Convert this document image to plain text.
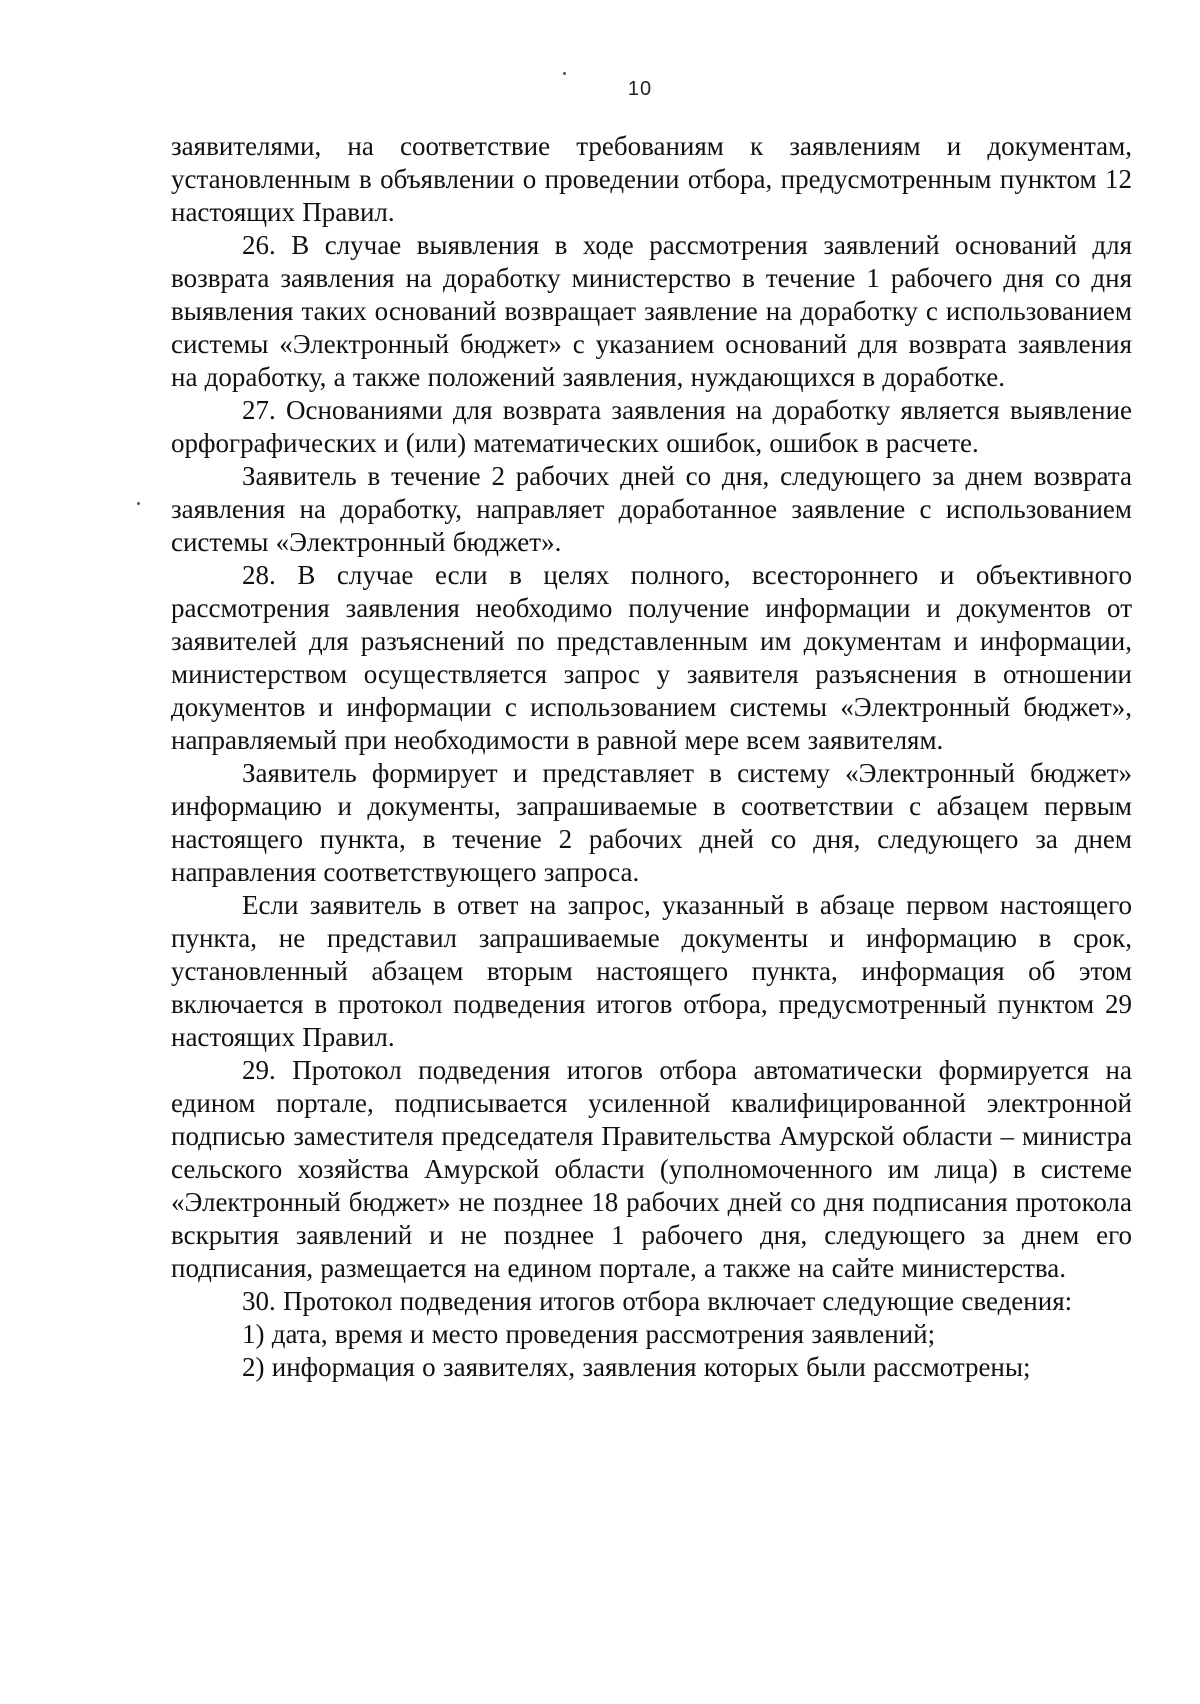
10

заявителями, на соответствие требованиям к заявлениям и документам, установленным в объявлении о проведении отбора, предусмотренным пунктом 12 настоящих Правил.

26. В случае выявления в ходе рассмотрения заявлений оснований для возврата заявления на доработку министерство в течение 1 рабочего дня со дня выявления таких оснований возвращает заявление на доработку с использованием системы «Электронный бюджет» с указанием оснований для возврата заявления на доработку, а также положений заявления, нуждающихся в доработке.

27. Основаниями для возврата заявления на доработку является выявление орфографических и (или) математических ошибок, ошибок в расчете.

Заявитель в течение 2 рабочих дней со дня, следующего за днем возврата заявления на доработку, направляет доработанное заявление с использованием системы «Электронный бюджет».

28. В случае если в целях полного, всестороннего и объективного рассмотрения заявления необходимо получение информации и документов от заявителей для разъяснений по представленным им документам и информации, министерством осуществляется запрос у заявителя разъяснения в отношении документов и информации с использованием системы «Электронный бюджет», направляемый при необходимости в равной мере всем заявителям.

Заявитель формирует и представляет в систему «Электронный бюджет» информацию и документы, запрашиваемые в соответствии с абзацем первым настоящего пункта, в течение 2 рабочих дней со дня, следующего за днем направления соответствующего запроса.

Если заявитель в ответ на запрос, указанный в абзаце первом настоящего пункта, не представил запрашиваемые документы и информацию в срок, установленный абзацем вторым настоящего пункта, информация об этом включается в протокол подведения итогов отбора, предусмотренный пунктом 29 настоящих Правил.

29. Протокол подведения итогов отбора автоматически формируется на едином портале, подписывается усиленной квалифицированной электронной подписью заместителя председателя Правительства Амурской области – министра сельского хозяйства Амурской области (уполномоченного им лица) в системе «Электронный бюджет» не позднее 18 рабочих дней со дня подписания протокола вскрытия заявлений и не позднее 1 рабочего дня, следующего за днем его подписания, размещается на едином портале, а также на сайте министерства.

30. Протокол подведения итогов отбора включает следующие сведения:

1) дата, время и место проведения рассмотрения заявлений;

2) информация о заявителях, заявления которых были рассмотрены;
